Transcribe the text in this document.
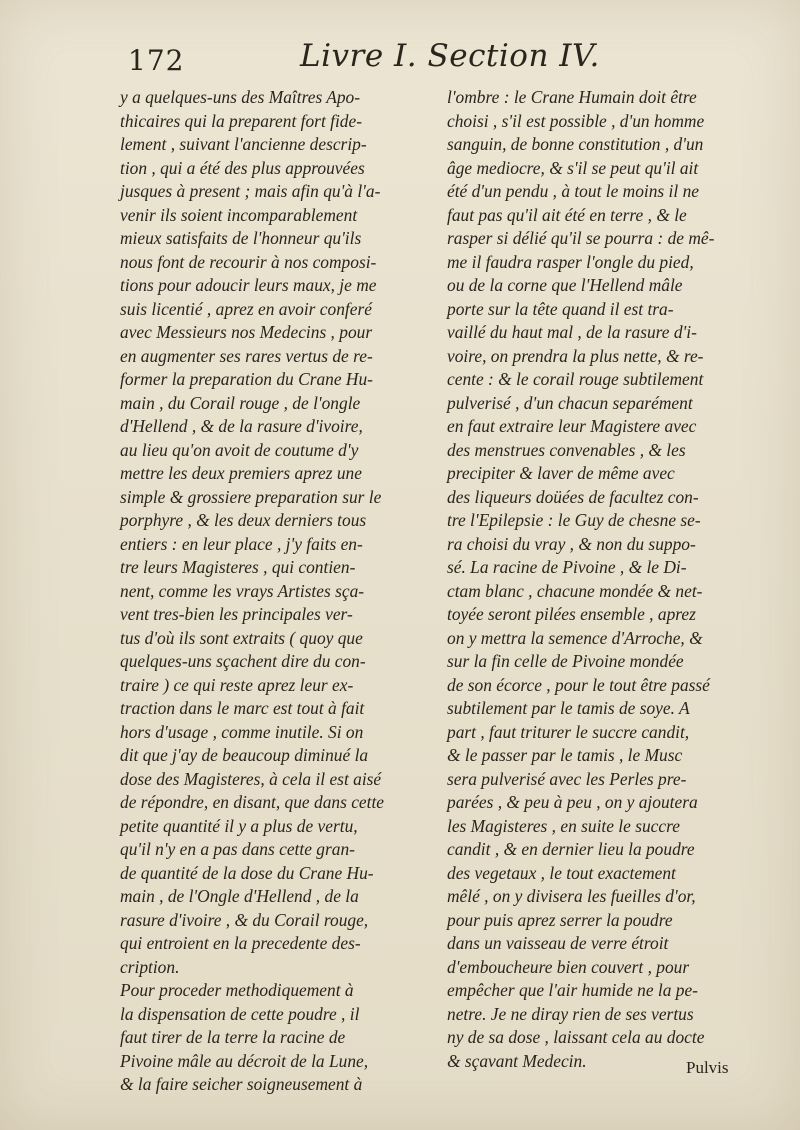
172	Livre I. Section IV.
y a quelques-uns des Maîtres Apo-
thicaires qui la preparent fort fide-
lement , suivant l'ancienne descrip-
tion , qui a été des plus approuvées
jusques à present ; mais afin qu'à l'a-
venir ils soient incomparablement
mieux satisfaits de l'honneur qu'ils
nous font de recourir à nos composi-
tions pour adoucir leurs maux, je me
suis licentié , aprez en avoir conferé
avec Messieurs nos Medecins , pour
en augmenter ses rares vertus de re-
former la preparation du Crane Hu-
main , du Corail rouge , de l'ongle
d'Hellend , & de la rasure d'ivoire,
au lieu qu'on avoit de coutume d'y
mettre les deux premiers aprez une
simple & grossiere preparation sur le
porphyre , & les deux derniers tous
entiers : en leur place , j'y faits en-
tre leurs Magisteres , qui contien-
nent, comme les vrays Artistes sça-
vent tres-bien les principales ver-
tus d'où ils sont extraits ( quoy que
quelques-uns sçachent dire du con-
traire ) ce qui reste aprez leur ex-
traction dans le marc est tout à fait
hors d'usage , comme inutile. Si on
dit que j'ay de beaucoup diminué la
dose des Magisteres, à cela il est aisé
de répondre, en disant, que dans cette
petite quantité il y a plus de vertu,
qu'il n'y en a pas dans cette gran-
de quantité de la dose du Crane Hu-
main , de l'Ongle d'Hellend , de la
rasure d'ivoire , & du Corail rouge,
qui entroient en la precedente des-
cription.
Pour proceder methodiquement à
la dispensation de cette poudre , il
faut tirer de la terre la racine de
Pivoine mâle au décroit de la Lune,
& la faire seicher soigneusement à
l'ombre : le Crane Humain doit être
choisi , s'il est possible , d'un homme
sanguin, de bonne constitution , d'un
âge mediocre, & s'il se peut qu'il ait
été d'un pendu , à tout le moins il ne
faut pas qu'il ait été en terre , & le
rasper si délié qu'il se pourra : de mê-
me il faudra rasper l'ongle du pied,
ou de la corne que l'Hellend mâle
porte sur la tête quand il est tra-
vaillé du haut mal , de la rasure d'i-
voire, on prendra la plus nette, & re-
cente : & le corail rouge subtilement
pulverisé , d'un chacun separément
en faut extraire leur Magistere avec
des menstrues convenables , & les
precipiter & laver de même avec
des liqueurs doüées de facultez con-
tre l'Epilepsie : le Guy de chesne se-
ra choisi du vray , & non du suppo-
sé. La racine de Pivoine , & le Di-
ctam blanc , chacune mondée & net-
toyée seront pilées ensemble , aprez
on y mettra la semence d'Arroche, &
sur la fin celle de Pivoine mondée
de son écorce , pour le tout être passé
subtilement par le tamis de soye. A
part , faut triturer le succre candit,
& le passer par le tamis , le Musc
sera pulverisé avec les Perles pre-
parées , & peu à peu , on y ajoutera
les Magisteres , en suite le succre
candit , & en dernier lieu la poudre
des vegetaux , le tout exactement
mêlé , on y divisera les fueilles d'or,
pour puis aprez serrer la poudre
dans un vaisseau de verre étroit
d'emboucheure bien couvert , pour
empêcher que l'air humide ne la pe-
netre. Je ne diray rien de ses vertus
ny de sa dose , laissant cela au docte
& sçavant Medecin.	Pulvis
